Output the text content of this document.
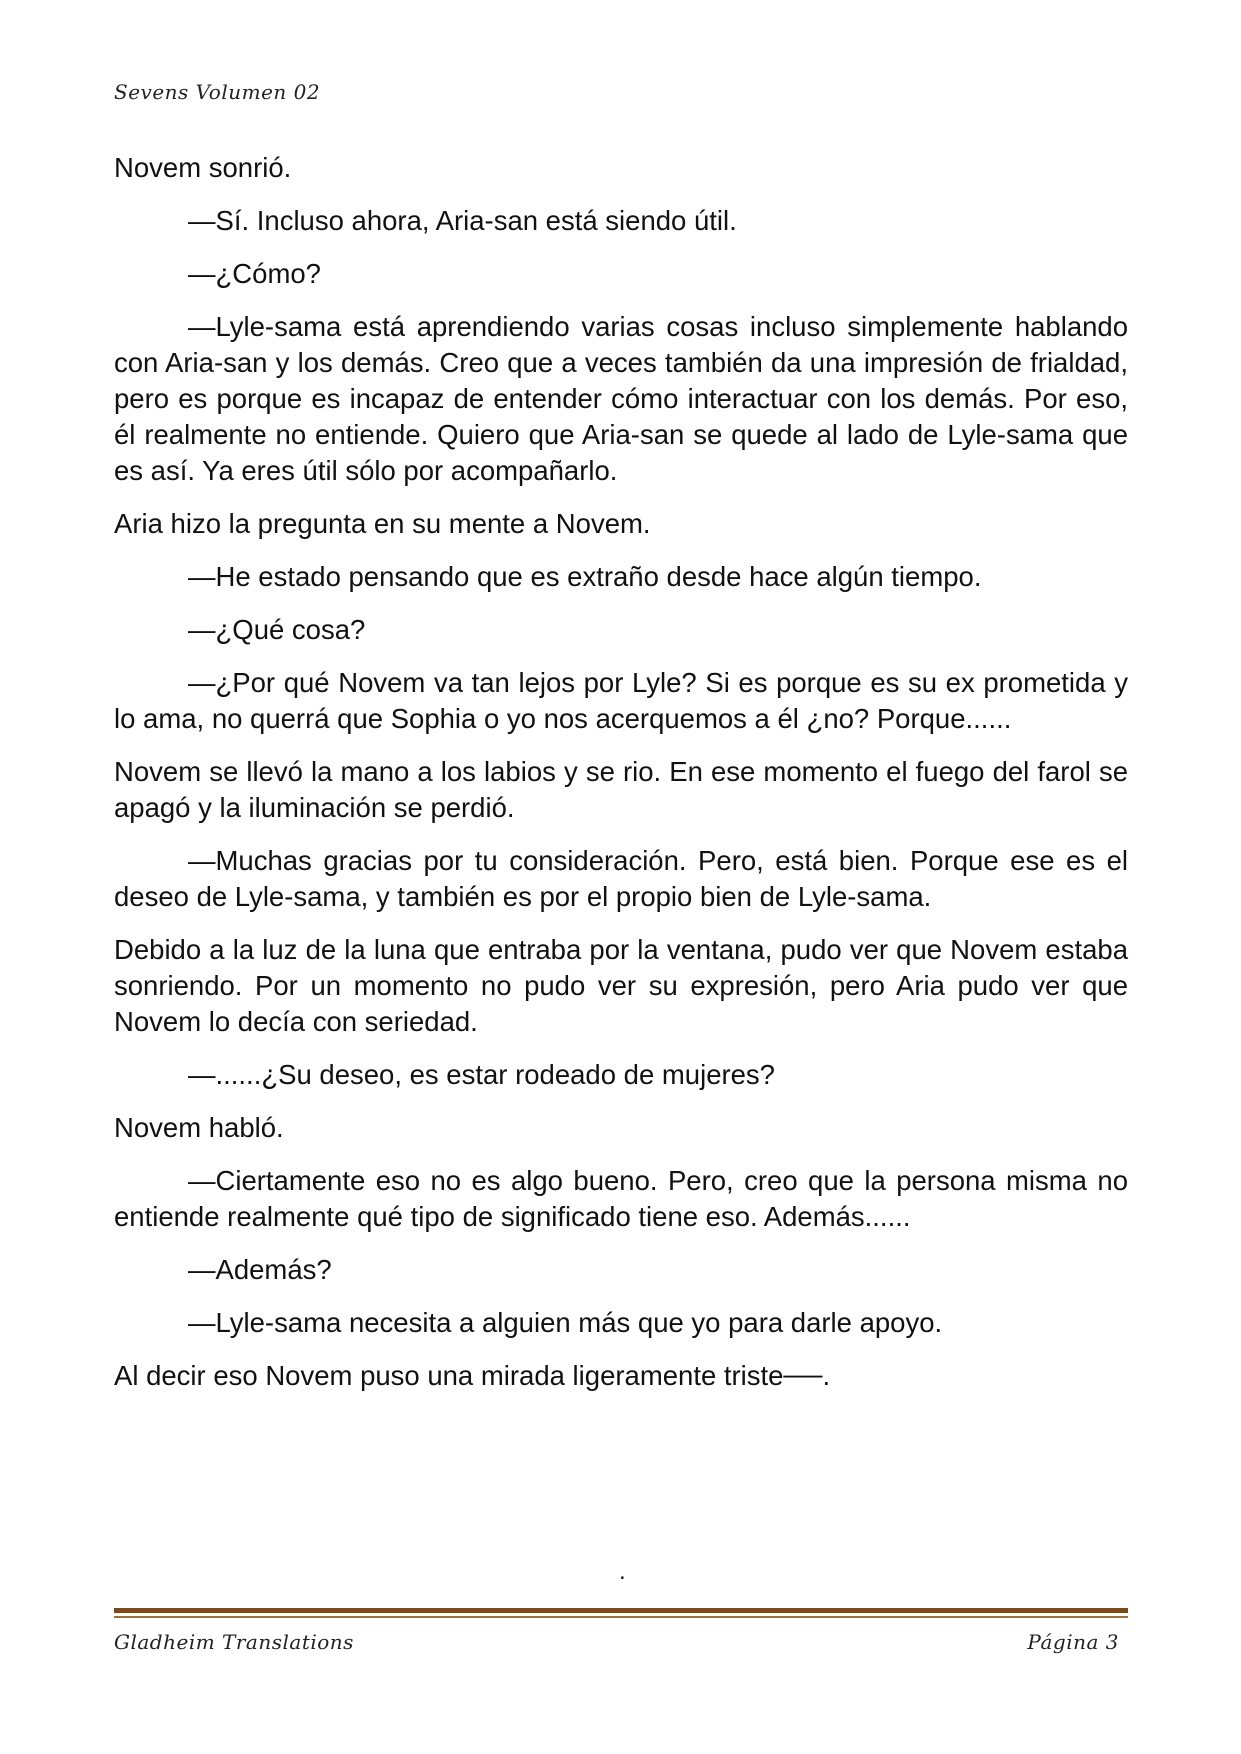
Sevens Volumen 02

Novem sonrió.

—Sí. Incluso ahora, Aria-san está siendo útil.

—¿Cómo?

—Lyle-sama está aprendiendo varias cosas incluso simplemente hablando con Aria-san y los demás. Creo que a veces también da una impresión de frialdad, pero es porque es incapaz de entender cómo interactuar con los demás. Por eso, él realmente no entiende. Quiero que Aria-san se quede al lado de Lyle-sama que es así. Ya eres útil sólo por acompañarlo.

Aria hizo la pregunta en su mente a Novem.

—He estado pensando que es extraño desde hace algún tiempo.

—¿Qué cosa?

—¿Por qué Novem va tan lejos por Lyle? Si es porque es su ex prometida y lo ama, no querrá que Sophia o yo nos acerquemos a él ¿no? Porque......

Novem se llevó la mano a los labios y se rio. En ese momento el fuego del farol se apagó y la iluminación se perdió.

—Muchas gracias por tu consideración. Pero, está bien. Porque ese es el deseo de Lyle-sama, y también es por el propio bien de Lyle-sama.

Debido a la luz de la luna que entraba por la ventana, pudo ver que Novem estaba sonriendo. Por un momento no pudo ver su expresión, pero Aria pudo ver que Novem lo decía con seriedad.

—......¿Su deseo, es estar rodeado de mujeres?

Novem habló.

—Ciertamente eso no es algo bueno. Pero, creo que la persona misma no entiende realmente qué tipo de significado tiene eso. Además......

—Además?

—Lyle-sama necesita a alguien más que yo para darle apoyo.

Al decir eso Novem puso una mirada ligeramente triste──.

.
Gladheim Translations	Página 3
